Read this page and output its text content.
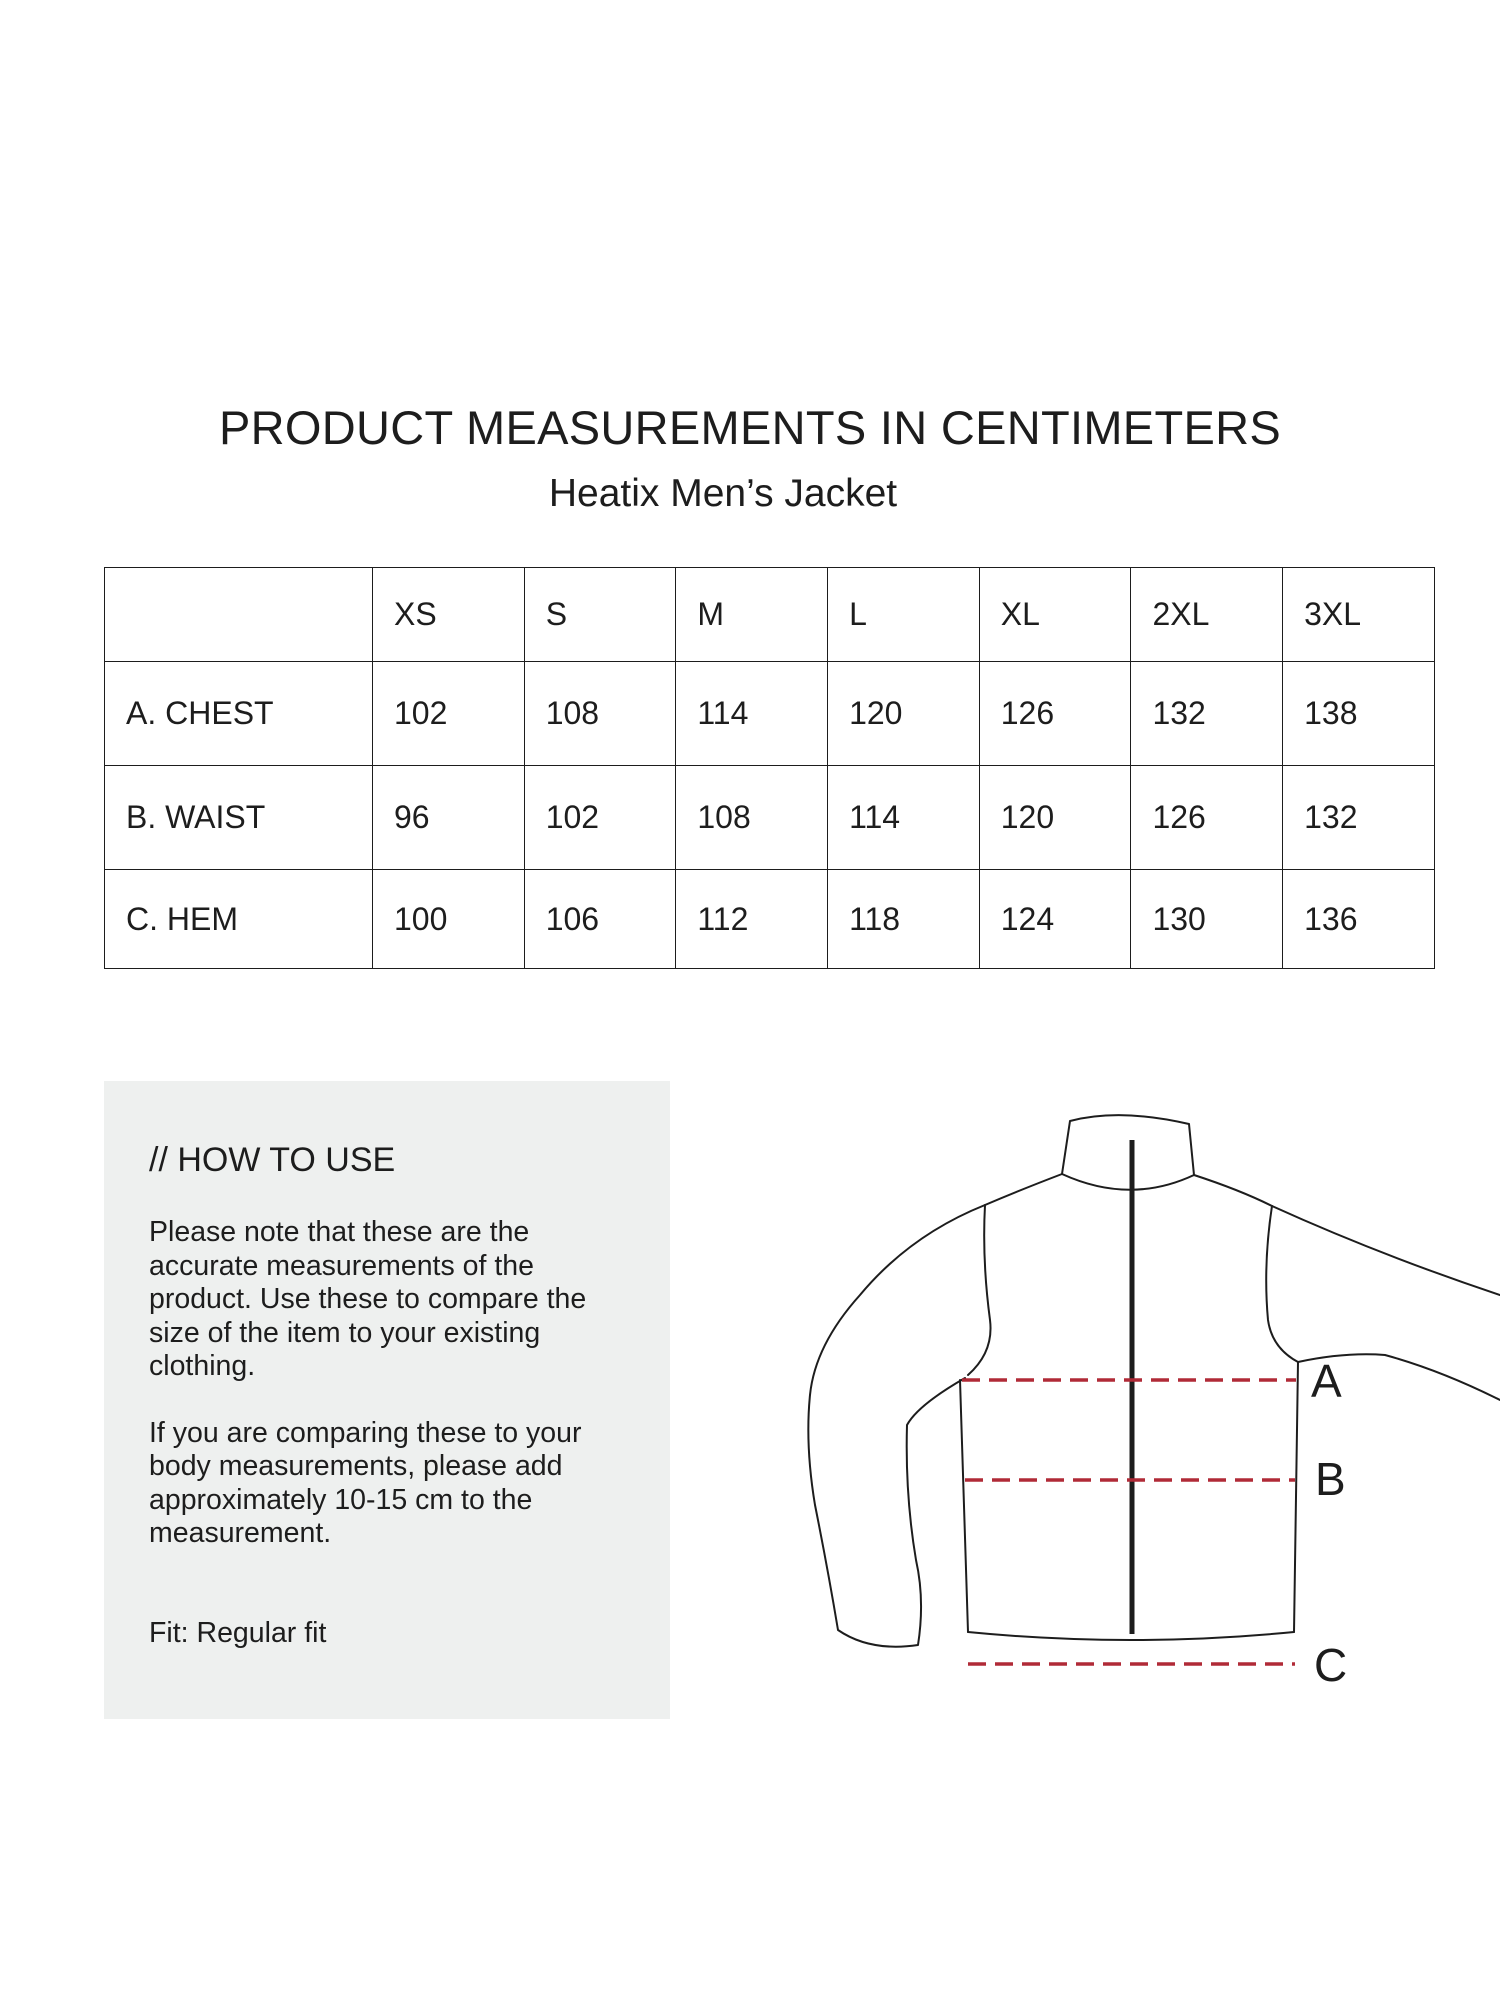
PRODUCT MEASUREMENTS IN CENTIMETERS
Heatix Men’s Jacket
	XS	S	M	L	XL	2XL	3XL
A. CHEST	102	108	114	120	126	132	138
B. WAIST	96	102	108	114	120	126	132
C. HEM	100	106	112	118	124	130	136
// HOW TO USE

Please note that these are the accurate measurements of the product. Use these to compare the size of the item to your existing clothing.

If you are comparing these to your body measurements, please add approximately 10-15 cm to the measurement.

Fit: Regular fit

A
B
C
